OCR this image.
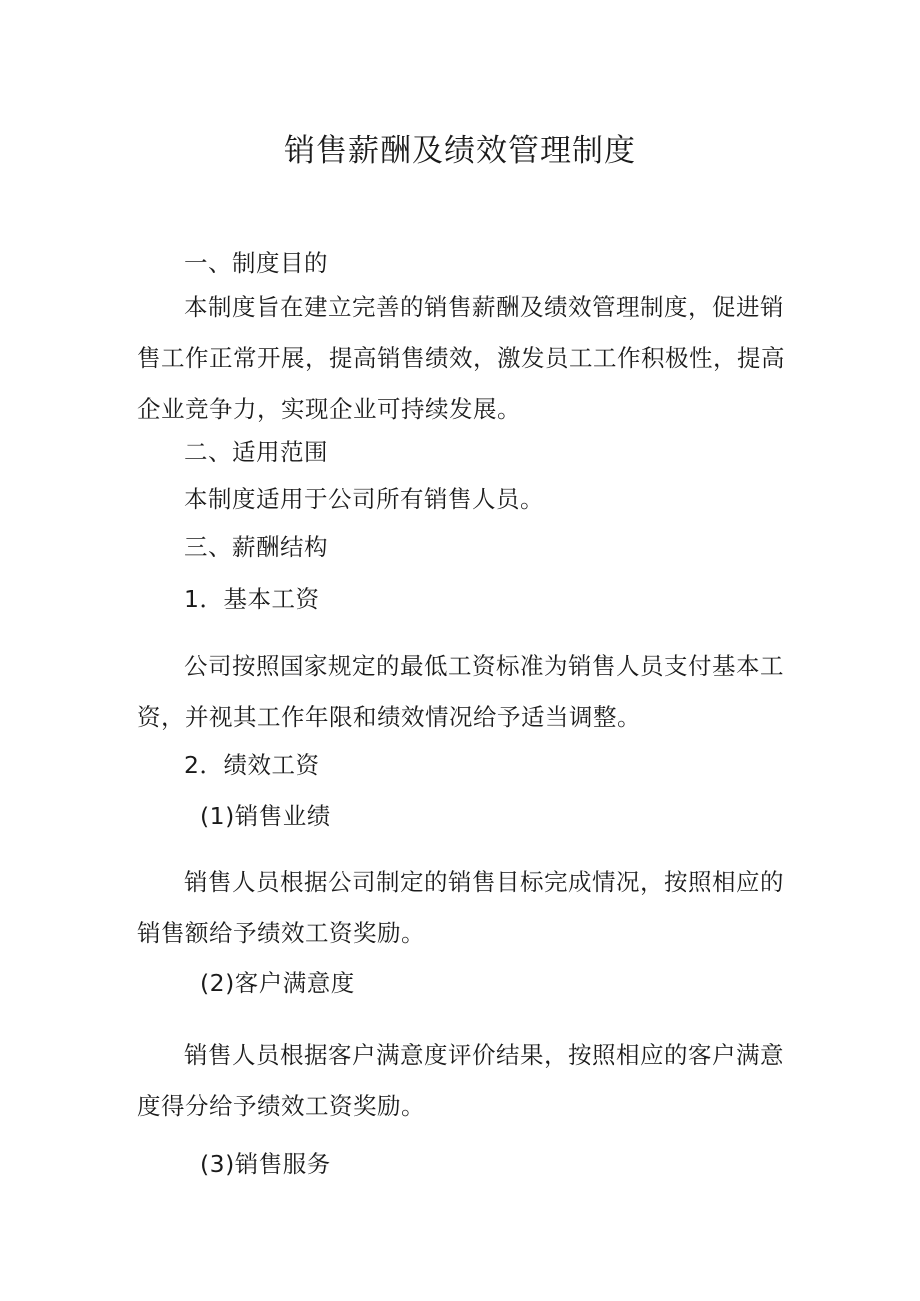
销售薪酬及绩效管理制度

一、制度目的

本制度旨在建立完善的销售薪酬及绩效管理制度，促进销售工作正常开展，提高销售绩效，激发员工工作积极性，提高企业竞争力，实现企业可持续发展。

二、适用范围

本制度适用于公司所有销售人员。

三、薪酬结构

1．基本工资

公司按照国家规定的最低工资标准为销售人员支付基本工资，并视其工作年限和绩效情况给予适当调整。

2．绩效工资

(1)销售业绩

销售人员根据公司制定的销售目标完成情况，按照相应的销售额给予绩效工资奖励。

(2)客户满意度

销售人员根据客户满意度评价结果，按照相应的客户满意度得分给予绩效工资奖励。

(3)销售服务
